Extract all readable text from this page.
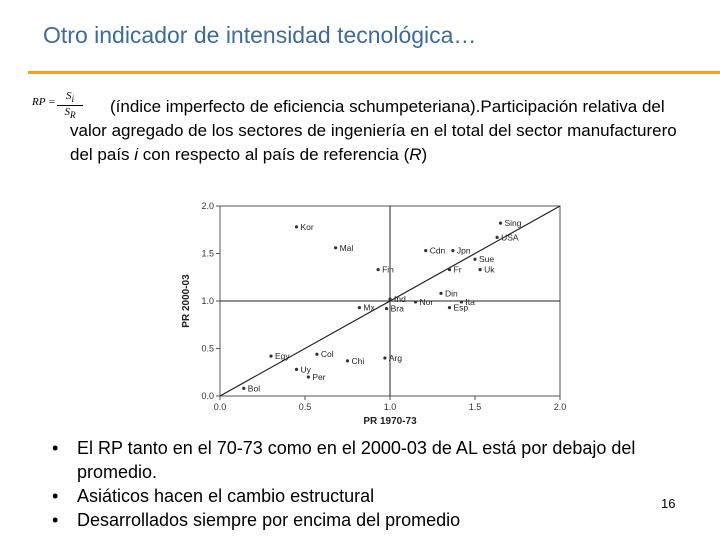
Otro indicador de intensidad tecnológica…
RP = $\frac{S_i}{S_R}$	(índice imperfecto de eficiencia schumpeteriana).Participación relativa del valor agregado de los sectores de ingeniería en el total del sector manufacturero del país i con respecto al país de referencia (R)
0.0	0.5	1.0	1.5	2.0
0.0
0.5
1.0
1.5
2.0
PR 1970-73
PR 2000-03
Kor
Mal
Sing
USA
Cdn Jpn
Sue
Fr	Uk
Fin
Din
Ind Nor	Ita
Esp
Mx Bra
Col
Chi	Arg
Egy
Uy
Per
Bol
• El RP tanto en el 70-73 como en el 2000-03 de AL está por debajo del promedio.
• Asiáticos hacen el cambio estructural
• Desarrollados siempre por encima del promedio
16
